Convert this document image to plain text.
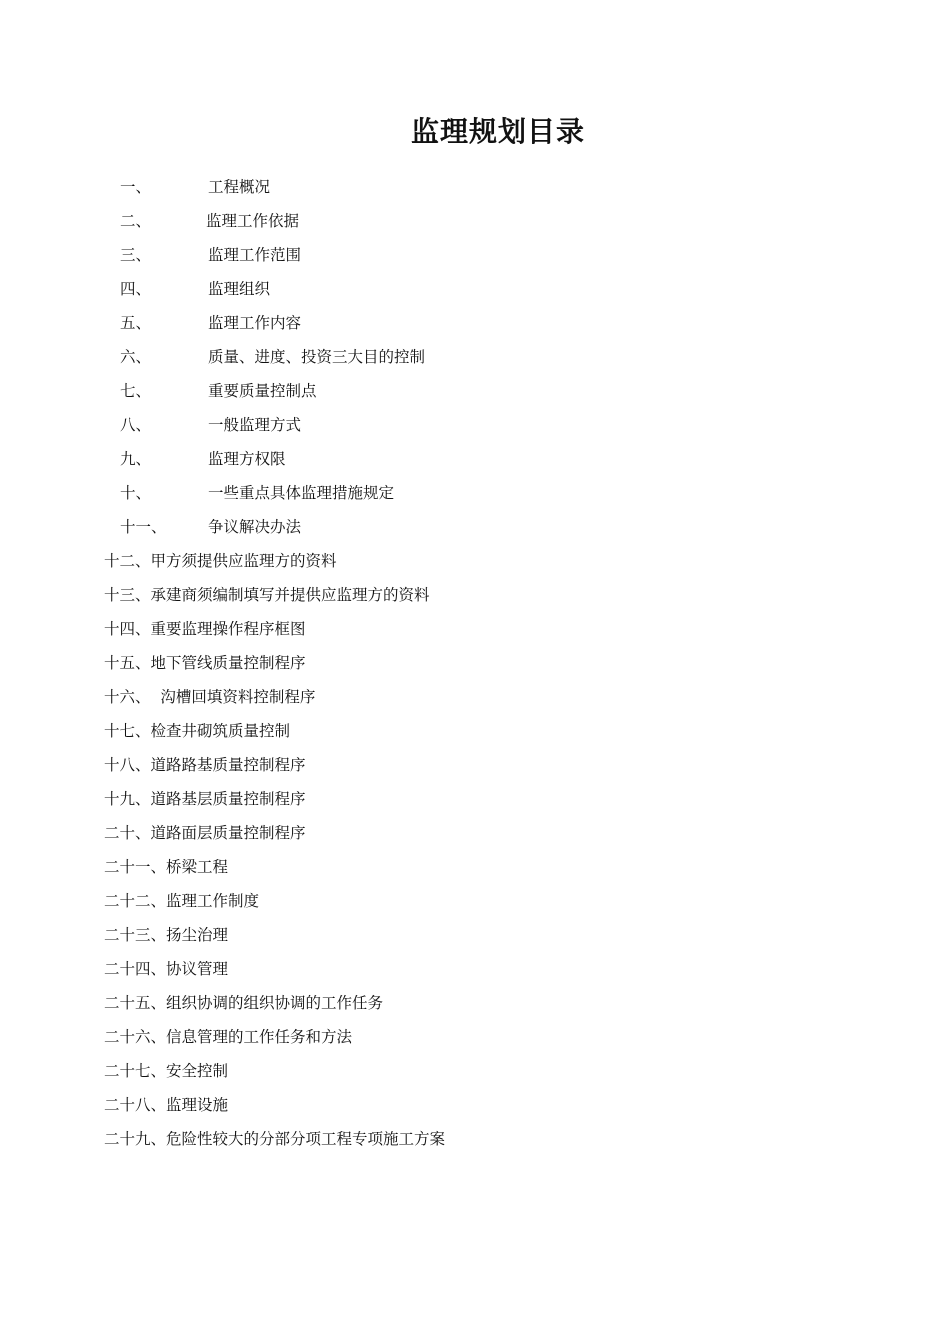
监理规划目录
一、	工程概况
二、	监理工作依据
三、	监理工作范围
四、	监理组织
五、	监理工作内容
六、	质量、进度、投资三大目的控制
七、	重要质量控制点
八、	一般监理方式
九、	监理方权限
十、	一些重点具体监理措施规定
十一、	争议解决办法
十二、甲方须提供应监理方的资料
十三、承建商须编制填写并提供应监理方的资料
十四、重要监理操作程序框图
十五、地下管线质量控制程序
十六、  沟槽回填资料控制程序
十七、检查井砌筑质量控制
十八、道路路基质量控制程序
十九、道路基层质量控制程序
二十、道路面层质量控制程序
二十一、桥梁工程
二十二、监理工作制度
二十三、扬尘治理
二十四、协议管理
二十五、组织协调的组织协调的工作任务
二十六、信息管理的工作任务和方法
二十七、安全控制
二十八、监理设施
二十九、危险性较大的分部分项工程专项施工方案
